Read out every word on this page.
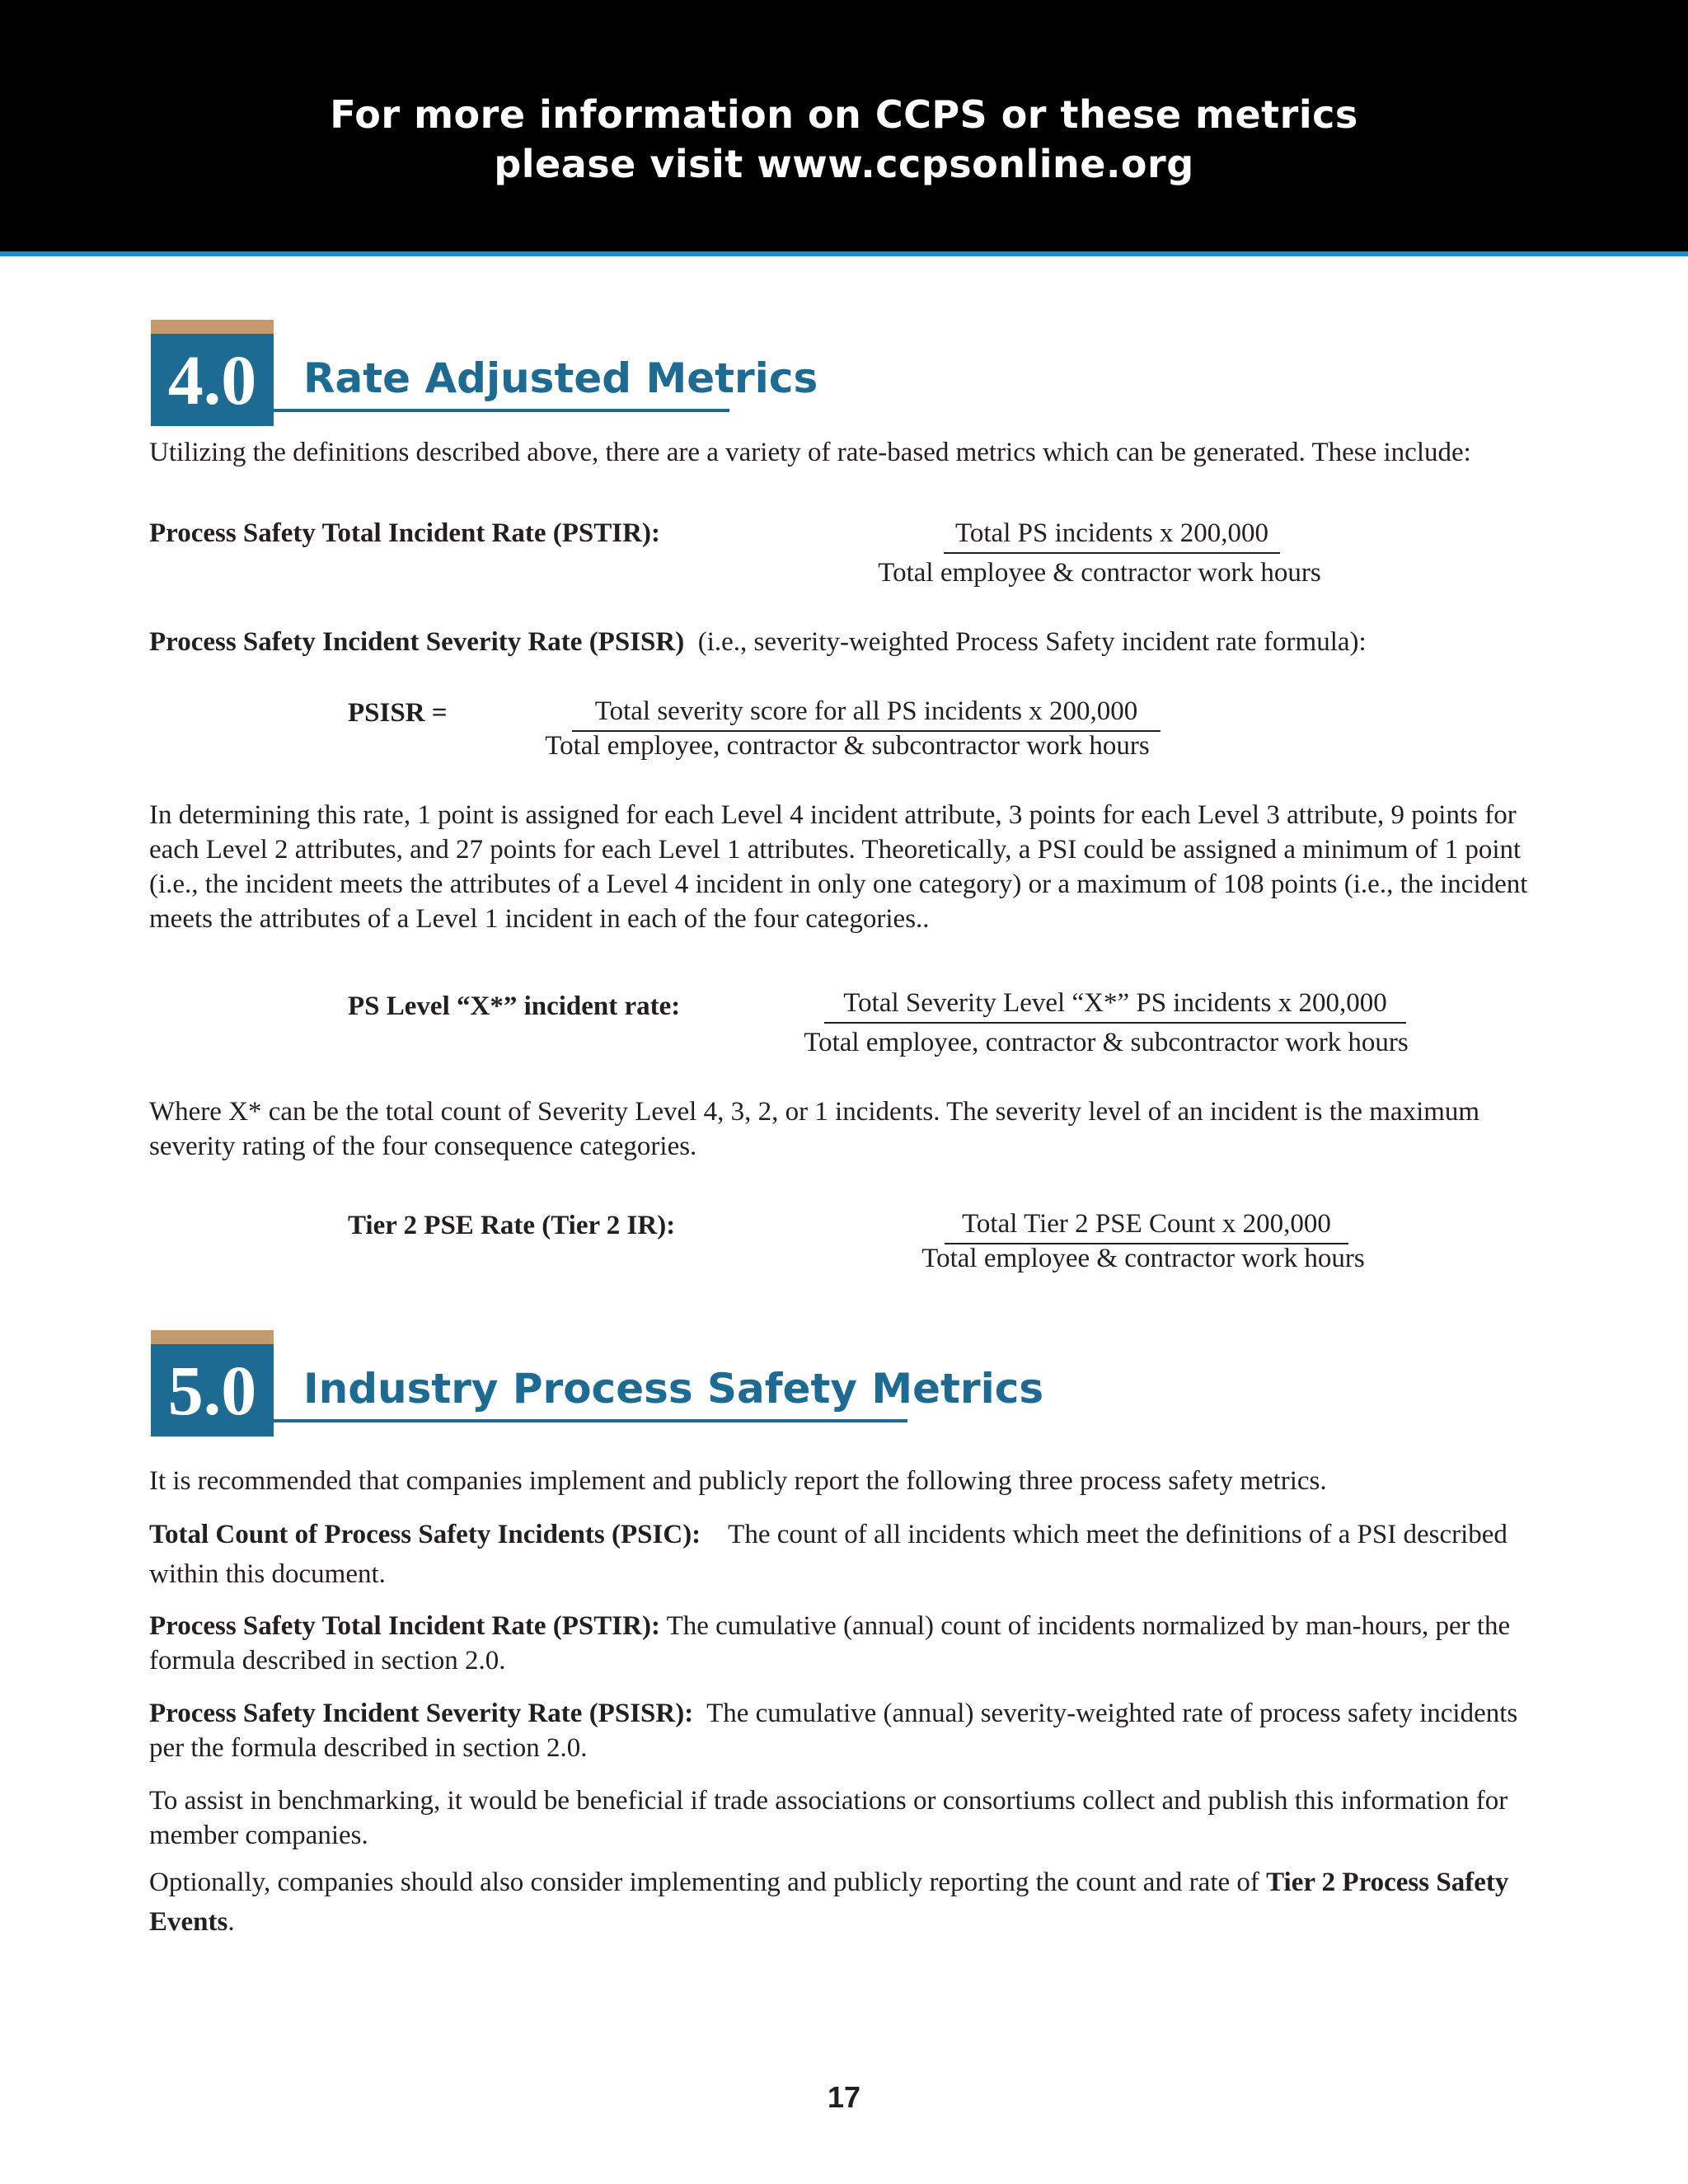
For more information on CCPS or these metrics
please visit www.ccpsonline.org
4.0	Rate Adjusted Metrics
Utilizing the definitions described above, there are a variety of rate-based metrics which can be generated. These include:
Process Safety Total Incident Rate (PSTIR):	Total PS incidents x 200,000
Total employee & contractor work hours
Process Safety Incident Severity Rate (PSISR) (i.e., severity-weighted Process Safety incident rate formula):
PSISR =	Total severity score for all PS incidents x 200,000
Total employee, contractor & subcontractor work hours
In determining this rate, 1 point is assigned for each Level 4 incident attribute, 3 points for each Level 3 attribute, 9 points for each Level 2 attributes, and 27 points for each Level 1 attributes. Theoretically, a PSI could be assigned a minimum of 1 point (i.e., the incident meets the attributes of a Level 4 incident in only one category) or a maximum of 108 points (i.e., the incident meets the attributes of a Level 1 incident in each of the four categories..
PS Level “X*” incident rate:	Total Severity Level “X*” PS incidents x 200,000
Total employee, contractor & subcontractor work hours
Where X* can be the total count of Severity Level 4, 3, 2, or 1 incidents. The severity level of an incident is the maximum severity rating of the four consequence categories.
Tier 2 PSE Rate (Tier 2 IR):	Total Tier 2 PSE Count x 200,000
Total employee & contractor work hours
5.0	Industry Process Safety Metrics
It is recommended that companies implement and publicly report the following three process safety metrics.
Total Count of Process Safety Incidents (PSIC): The count of all incidents which meet the definitions of a PSI described within this document.
Process Safety Total Incident Rate (PSTIR): The cumulative (annual) count of incidents normalized by man-hours, per the formula described in section 2.0.
Process Safety Incident Severity Rate (PSISR): The cumulative (annual) severity-weighted rate of process safety incidents per the formula described in section 2.0.
To assist in benchmarking, it would be beneficial if trade associations or consortiums collect and publish this information for member companies.
Optionally, companies should also consider implementing and publicly reporting the count and rate of Tier 2 Process Safety Events.
17
